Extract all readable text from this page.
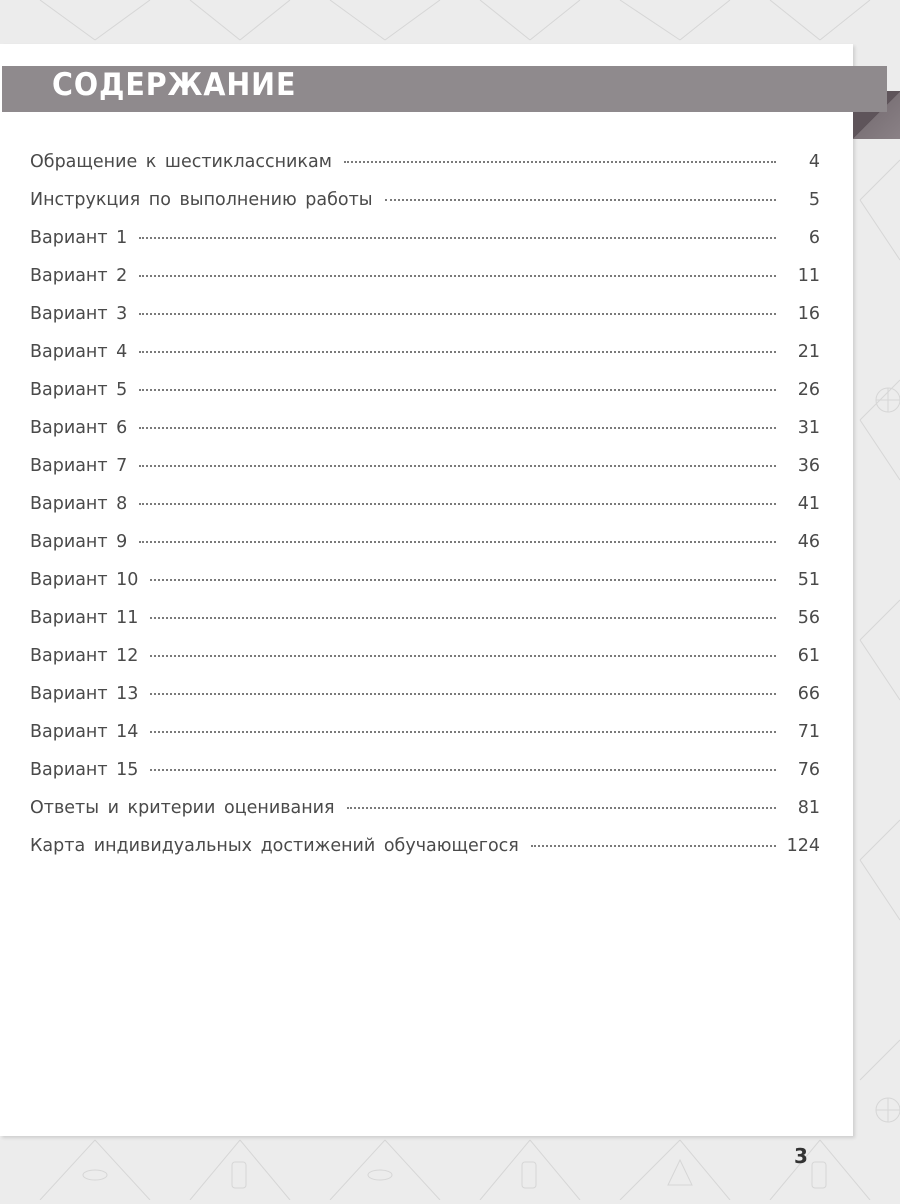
СОДЕРЖАНИЕ
Обращение к шестиклассникам	4
Инструкция по выполнению работы	5
Вариант 1	6
Вариант 2	11
Вариант 3	16
Вариант 4	21
Вариант 5	26
Вариант 6	31
Вариант 7	36
Вариант 8	41
Вариант 9	46
Вариант 10	51
Вариант 11	56
Вариант 12	61
Вариант 13	66
Вариант 14	71
Вариант 15	76
Ответы и критерии оценивания	81
Карта индивидуальных достижений обучающегося	124
3
